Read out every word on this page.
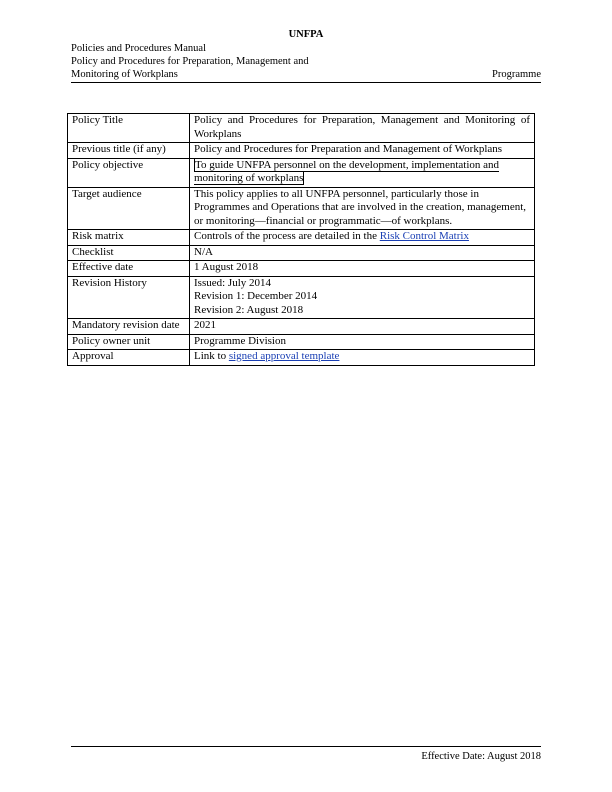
UNFPA
Policies and Procedures Manual
Policy and Procedures for Preparation, Management and
Monitoring of Workplans	Programme
Policy Title	Policy and Procedures for Preparation, Management and Monitoring of Workplans
Previous title (if any)	Policy and Procedures for Preparation and Management of Workplans
Policy objective	To guide UNFPA personnel on the development, implementation and monitoring of workplans
Target audience	This policy applies to all UNFPA personnel, particularly those in Programmes and Operations that are involved in the creation, management, or monitoring—financial or programmatic—of workplans.
Risk matrix	Controls of the process are detailed in the Risk Control Matrix
Checklist	N/A
Effective date	1 August 2018
Revision History	Issued: July 2014
Revision 1: December 2014
Revision 2: August 2018

Mandatory revision date	2021
Policy owner unit	Programme Division
Approval	Link to signed approval template
Effective Date: August 2018
